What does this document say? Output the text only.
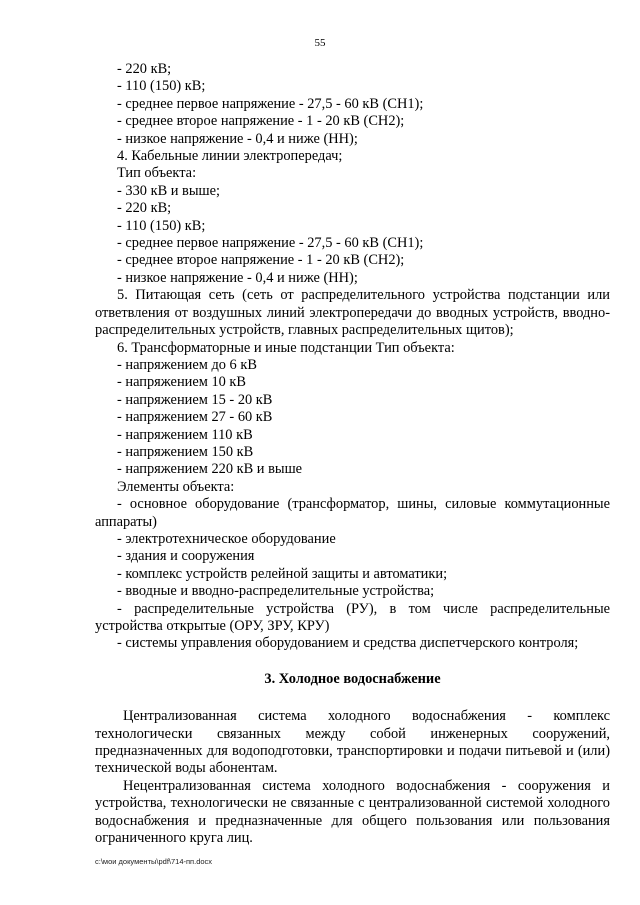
55
- 220 кВ;
- 110 (150) кВ;
- среднее первое напряжение - 27,5 - 60 кВ (СН1);
- среднее второе напряжение - 1 - 20 кВ (СН2);
- низкое напряжение - 0,4 и ниже (НН);
4. Кабельные линии электропередач;
Тип объекта:
- 330 кВ и выше;
- 220 кВ;
- 110 (150) кВ;
- среднее первое напряжение - 27,5 - 60 кВ (СН1);
- среднее второе напряжение - 1 - 20 кВ (СН2);
- низкое напряжение - 0,4 и ниже (НН);
5. Питающая сеть (сеть от распределительного устройства подстанции или
ответвления от воздушных линий электропередачи до вводных устройств, вводно-распределительных устройств, главных распределительных щитов);
6. Трансформаторные и иные подстанции Тип объекта:
- напряжением до 6 кВ
- напряжением 10 кВ
- напряжением 15 - 20 кВ
- напряжением 27 - 60 кВ
- напряжением 110 кВ
- напряжением 150 кВ
- напряжением 220 кВ и выше
Элементы объекта:
- основное оборудование (трансформатор, шины, силовые коммутационные
аппараты)
- электротехническое оборудование
- здания и сооружения
- комплекс устройств релейной защиты и автоматики;
- вводные и вводно-распределительные устройства;
- распределительные устройства (РУ), в том числе распределительные
устройства открытые (ОРУ, ЗРУ, КРУ)
- системы управления оборудованием и средства диспетчерского контроля;
3. Холодное водоснабжение
Централизованная система холодного водоснабжения - комплекс технологически связанных между собой инженерных сооружений, предназначенных для водоподготовки, транспортировки и подачи питьевой и (или) технической воды абонентам.
Нецентрализованная система холодного водоснабжения - сооружения и устройства, технологически не связанные с централизованной системой холодного водоснабжения и предназначенные для общего пользования или пользования ограниченного круга лиц.
c:\мои документы\pdf\714-пп.docx
